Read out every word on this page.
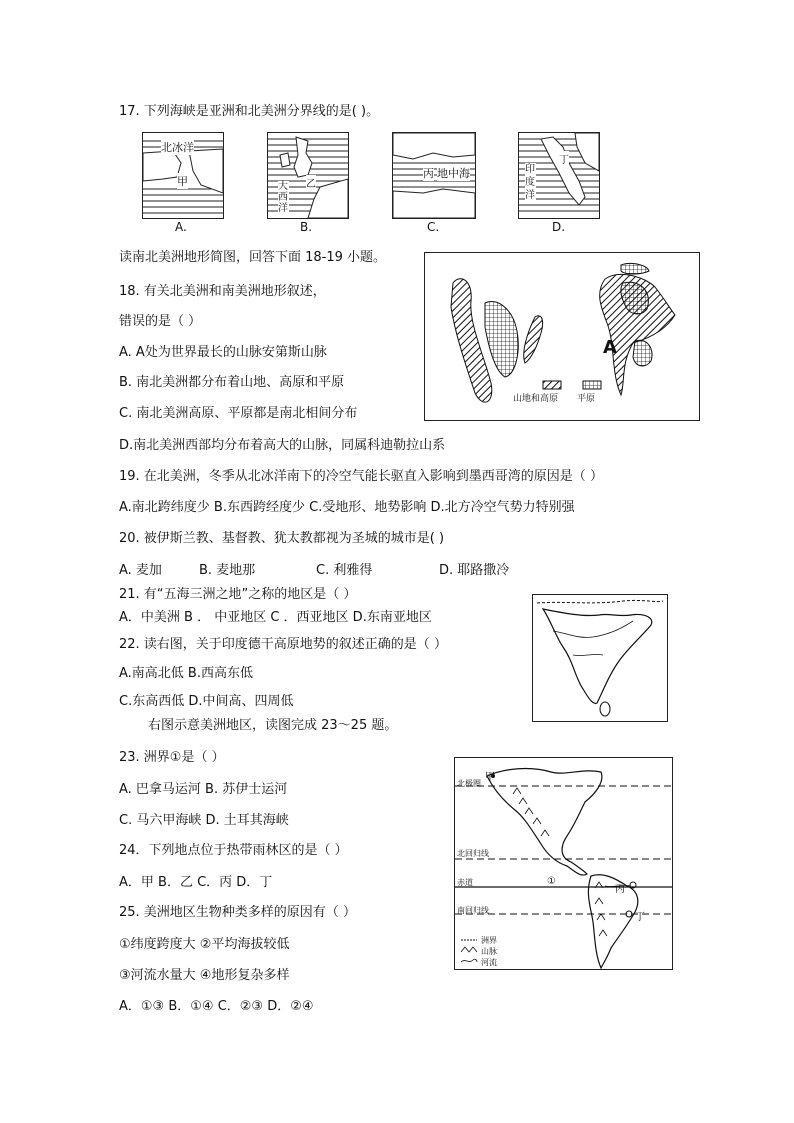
17. 下列海峡是亚洲和北美洲分界线的是( )。
北冰洋
甲
A.
乙
大
西
洋
B.
丙 地中海
C.
丁
印
度
洋
D.
读南北美洲地形简图，回答下面 18-19 小题。
18. 有关北美洲和南美洲地形叙述，
错误的是（ ）
A. A处为世界最长的山脉安第斯山脉
B. 南北美洲都分布着山地、高原和平原
C. 南北美洲高原、平原都是南北相间分布
D.南北美洲西部均分布着高大的山脉，同属科迪勒拉山系
A
山地和高原 平原
19. 在北美洲，冬季从北冰洋南下的冷空气能长驱直入影响到墨西哥湾的原因是（ ）
A.南北跨纬度少 B.东西跨经度少 C.受地形、地势影响 D.北方冷空气势力特别强
20. 被伊斯兰教、基督教、犹太教都视为圣城的城市是( )
A. 麦加	B. 麦地那	C. 利雅得	D. 耶路撒冷
21. 有“五海三洲之地”之称的地区是（ ）
A．中美洲 B ． 中亚地区 C ．西亚地区 D.东南亚地区
22. 读右图，关于印度德干高原地势的叙述正确的是（ ）
A.南高北低 B.西高东低
C.东高西低 D.中间高、四周低
右图示意美洲地区，读图完成 23～25 题。
23. 洲界①是（ ）
A. 巴拿马运河 B. 苏伊士运河
C. 马六甲海峡 D. 土耳其海峡
24．下列地点位于热带雨林区的是（ ）
A．甲 B．乙 C．丙 D．丁
25. 美洲地区生物种类多样的原因有（ ）
①纬度跨度大 ②平均海拔较低
③河流水量大 ④地形复杂多样
A．①③ B．①④ C．②③ D．②④
北极圈
甲
北回归线
赤道	①
丙
南回归线
丁
洲界
山脉
河流
